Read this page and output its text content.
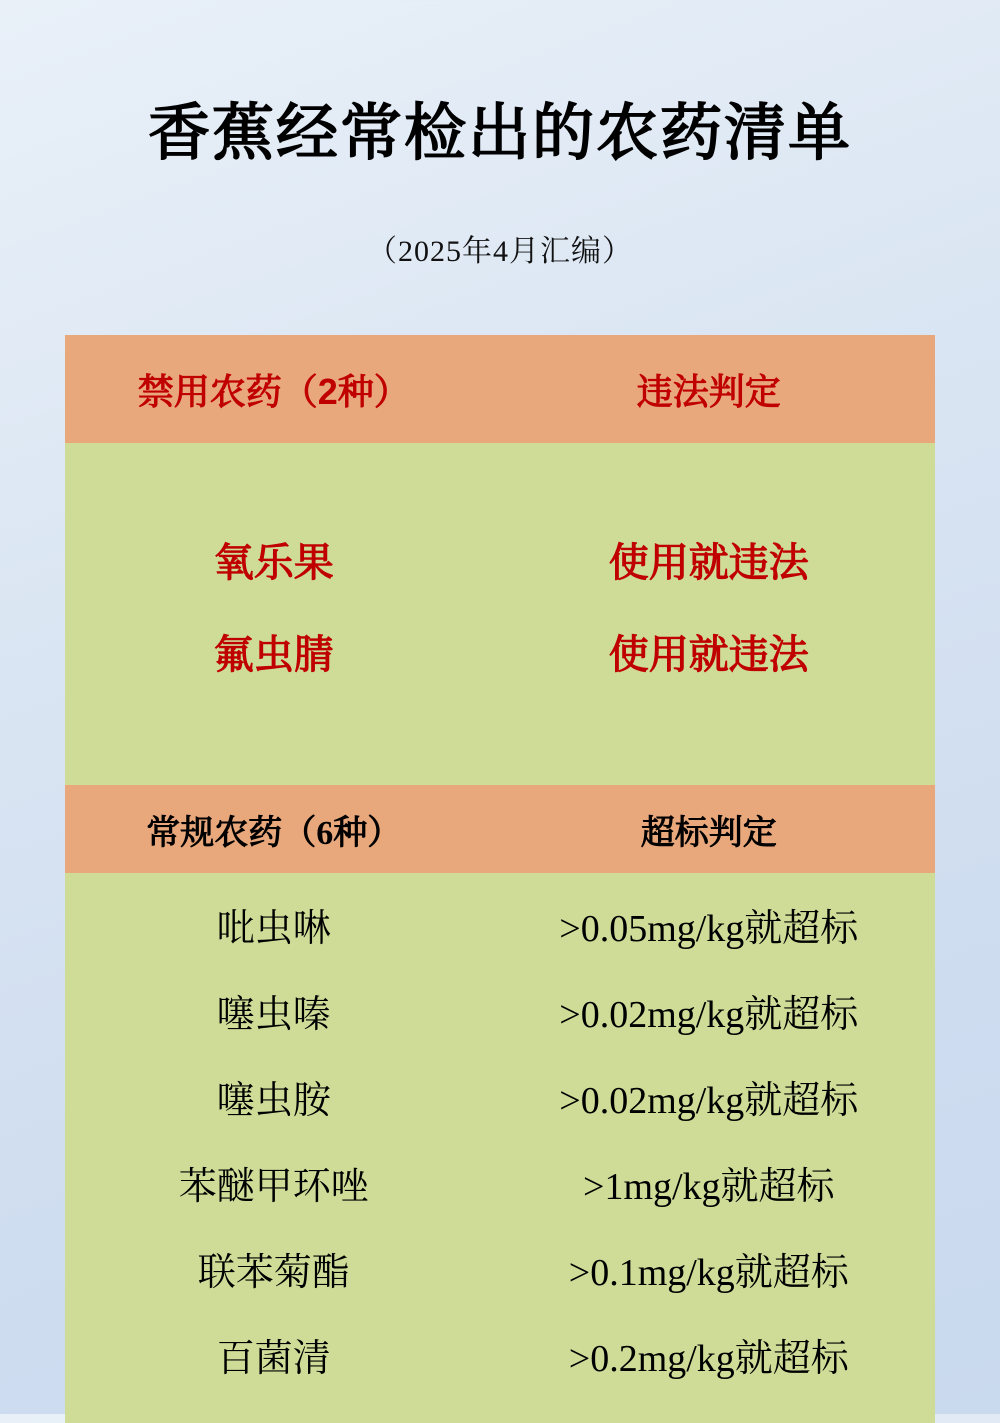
香蕉经常检出的农药清单

（2025年4月汇编）

禁用农药（2种）	违法判定
氧乐果	使用就违法
氟虫腈	使用就违法
常规农药（6种）	超标判定
吡虫啉	>0.05mg/kg就超标
噻虫嗪	>0.02mg/kg就超标
噻虫胺	>0.02mg/kg就超标
苯醚甲环唑	>1mg/kg就超标
联苯菊酯	>0.1mg/kg就超标
百菌清	>0.2mg/kg就超标
